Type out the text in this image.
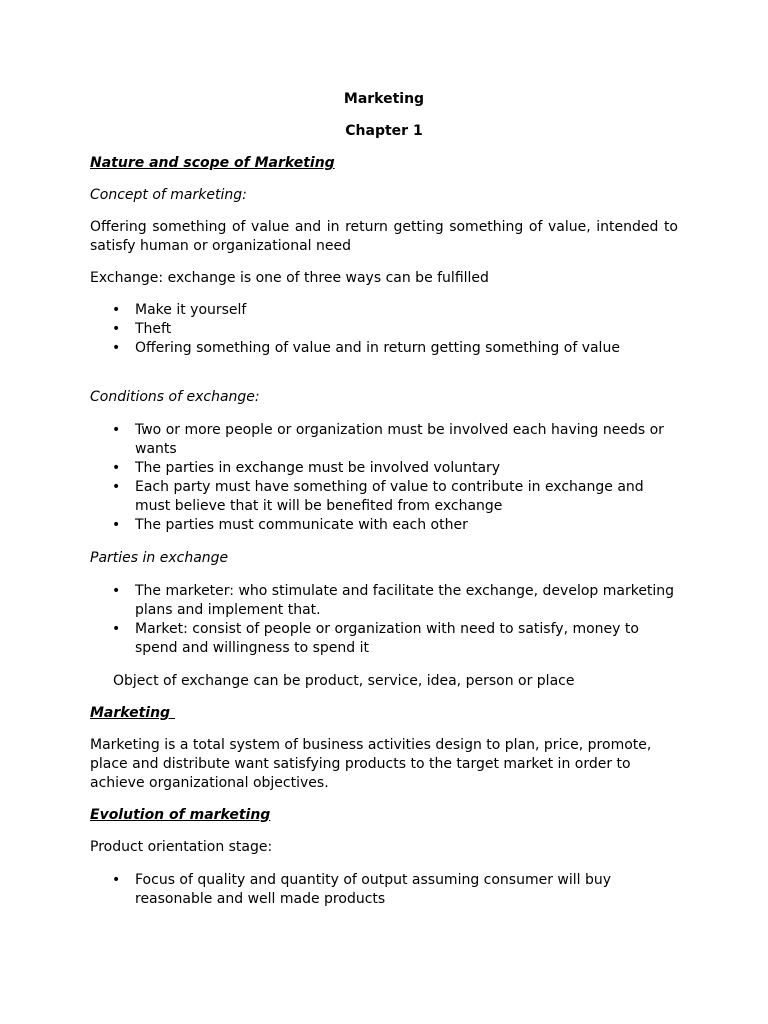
Marketing

Chapter 1

Nature and scope of Marketing

Concept of marketing:

Offering something of value and in return getting something of value, intended to satisfy human or organizational need

Exchange: exchange is one of three ways can be fulfilled

• Make it yourself
• Theft
• Offering something of value and in return getting something of value

Conditions of exchange:

• Two or more people or organization must be involved each having needs or wants
• The parties in exchange must be involved voluntary
• Each party must have something of value to contribute in exchange and must believe that it will be benefited from exchange
• The parties must communicate with each other

Parties in exchange

• The marketer: who stimulate and facilitate the exchange, develop marketing plans and implement that.
• Market: consist of people or organization with need to satisfy, money to spend and willingness to spend it

Object of exchange can be product, service, idea, person or place

Marketing

Marketing is a total system of business activities design to plan, price, promote, place and distribute want satisfying products to the target market in order to achieve organizational objectives.

Evolution of marketing

Product orientation stage:

• Focus of quality and quantity of output assuming consumer will buy reasonable and well made products
